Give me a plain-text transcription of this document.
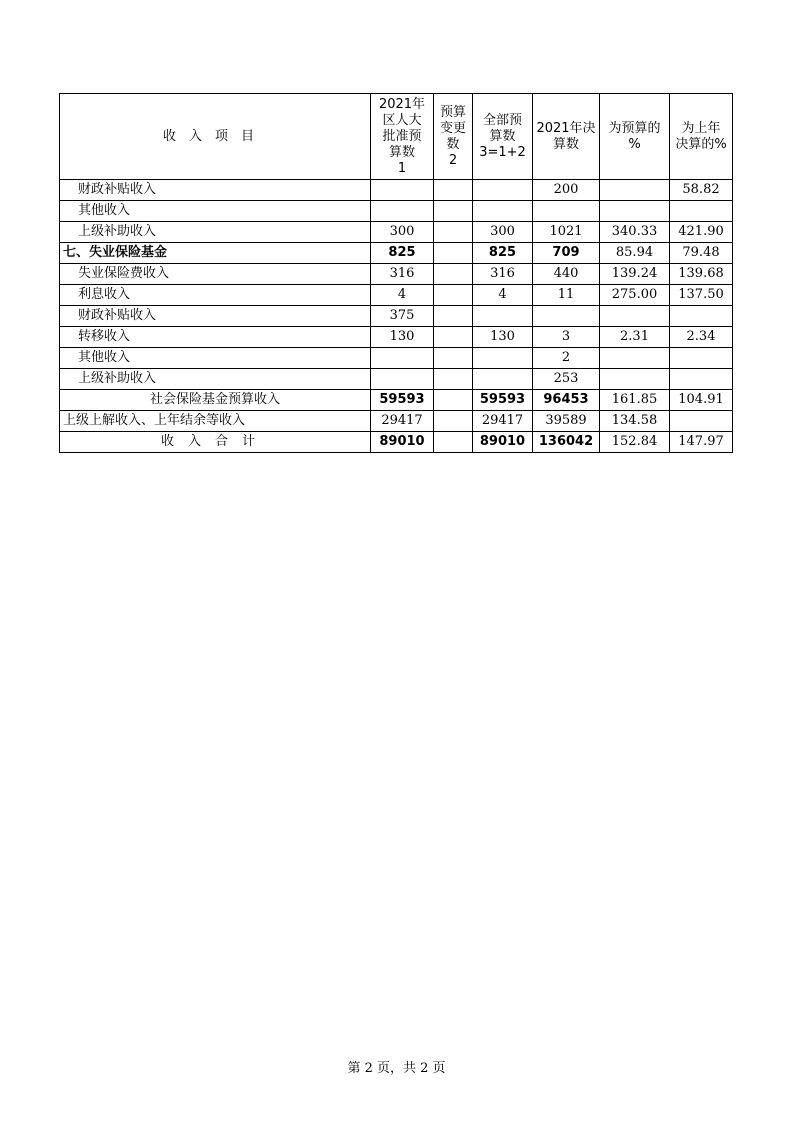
收入项目	2021年
区人大
批准预
算数
1	预算
变更
数
2	全部预
算数
3=1+2	2021年决
算数	为预算的
%	为上年
决算的%
财政补贴收入				200		58.82
其他收入						
上级补助收入	300		300	1021	340.33	421.90
七、失业保险基金	825		825	709	85.94	79.48
失业保险费收入	316		316	440	139.24	139.68
利息收入	4		4	11	275.00	137.50
财政补贴收入	375					
转移收入	130		130	3	2.31	2.34
其他收入				2		
上级补助收入				253		
社会保险基金预算收入	59593		59593	96453	161.85	104.91
上级上解收入、上年结余等收入	29417		29417	39589	134.58	
收入合计	89010		89010	136042	152.84	147.97
第 2 页，共 2 页
